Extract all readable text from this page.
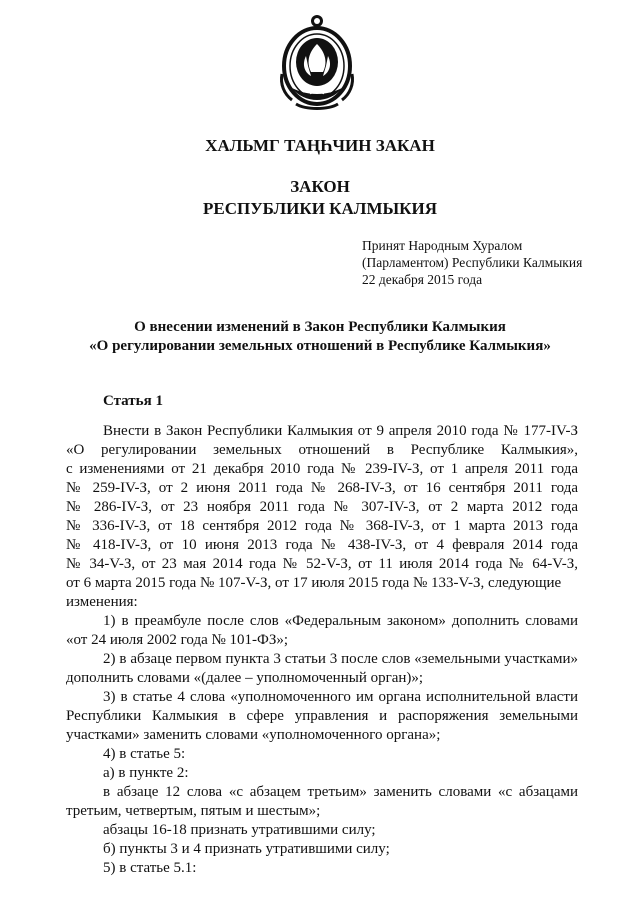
ХАЛЬМГ ТАҢҺЧИН ЗАКАН
ЗАКОН
РЕСПУБЛИКИ КАЛМЫКИЯ
Принят Народным Хуралом
(Парламентом) Республики Калмыкия
22 декабря 2015 года
О внесении изменений в Закон Республики Калмыкия
«О регулировании земельных отношений в Республике Калмыкия»
Статья 1
Внести в Закон Республики Калмыкия от 9 апреля 2010 года № 177-IV-З
«О регулировании земельных отношений в Республике Калмыкия»,
с изменениями от 21 декабря 2010 года № 239-IV-З, от 1 апреля 2011 года
№ 259-IV-З, от 2 июня 2011 года № 268-IV-З, от 16 сентября 2011 года
№ 286-IV-З, от 23 ноября 2011 года № 307-IV-З, от 2 марта 2012 года
№ 336-IV-З, от 18 сентября 2012 года № 368-IV-З, от 1 марта 2013 года
№ 418-IV-З, от 10 июня 2013 года № 438-IV-З, от 4 февраля 2014 года
№ 34-V-З, от 23 мая 2014 года № 52-V-З, от 11 июля 2014 года № 64-V-З,
от 6 марта 2015 года № 107-V-З, от 17 июля 2015 года № 133-V-З, следующие
изменения:
1) в преамбуле после слов «Федеральным законом» дополнить словами
«от 24 июля 2002 года № 101-ФЗ»;
2) в абзаце первом пункта 3 статьи 3 после слов «земельными участками»
дополнить словами «(далее – уполномоченный орган)»;
3) в статье 4 слова «уполномоченного им органа исполнительной власти
Республики Калмыкия в сфере управления и распоряжения земельными
участками» заменить словами «уполномоченного органа»;
4) в статье 5:
а) в пункте 2:
в абзаце 12 слова «с абзацем третьим» заменить словами «с абзацами
третьим, четвертым, пятым и шестым»;
абзацы 16-18 признать утратившими силу;
б) пункты 3 и 4 признать утратившими силу;
5) в статье 5.1:
